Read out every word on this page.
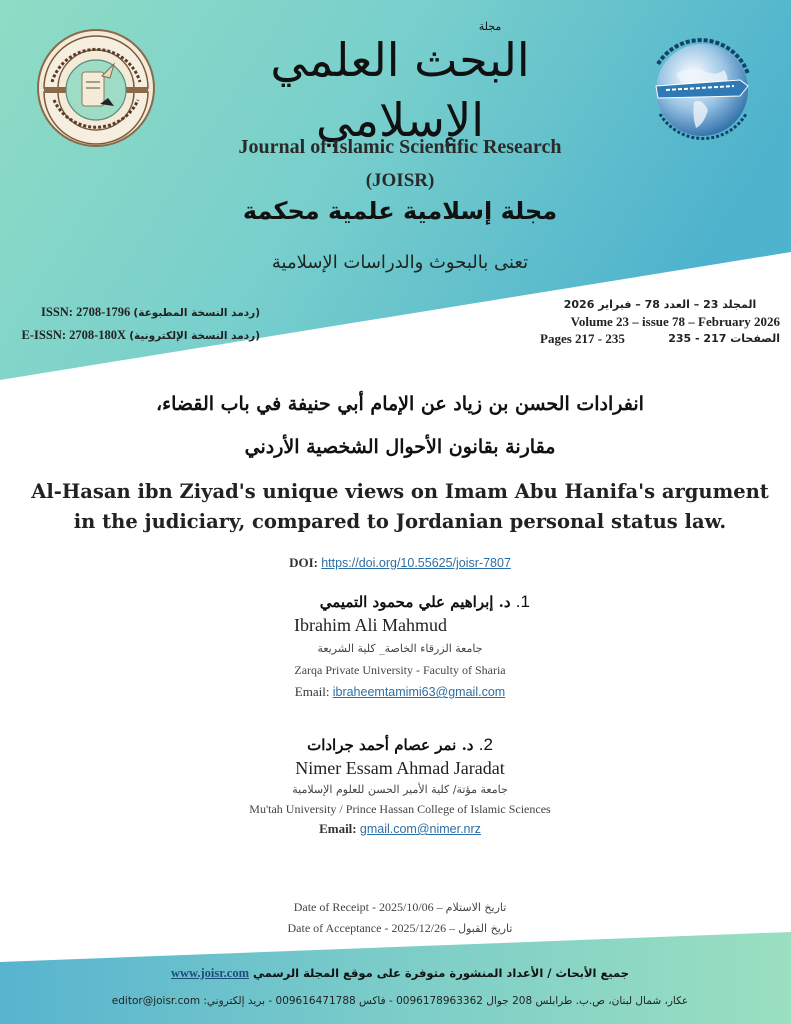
مجلة
البحث العلمي الإسلامي
Journal of Islamic Scientific Research
(JOISR)
مجلة إسلامية علمية محكمة
تعنى بالبحوث والدراسات الإسلامية
ISSN: 2708-1796 (ردمد النسخة المطبوعة)
E-ISSN: 2708-180X (ردمد النسخة الإلكترونية)
المجلد 23 – العدد 78 – فبراير 2026
Volume 23 – issue 78 – February 2026
Pages 217 - 235	الصفحات 217 - 235
انفرادات الحسن بن زياد عن الإمام أبي حنيفة في باب القضاء،
مقارنة بقانون الأحوال الشخصية الأردني
Al-Hasan ibn Ziyad's unique views on Imam Abu Hanifa's argument in the judiciary, compared to Jordanian personal status law.
DOI: https://doi.org/10.55625/joisr-7807
1. د. إبراهيم علي محمود التميمي
Ibrahim Ali Mahmud
جامعة الزرقاء الخاصة_ كلية الشريعة
Zarqa Private University - Faculty of Sharia
Email: ibraheemtamimi63@gmail.com
2. د. نمر عصام أحمد جرادات
Nimer Essam Ahmad Jaradat
جامعة مؤتة/ كلية الأمير الحسن للعلوم الإسلامية
Mu'tah University / Prince Hassan College of Islamic Sciences
Email: gmail.com@nimer.nrz
Date of Receipt - 2025/10/06 – تاريخ الاستلام
Date of Acceptance - 2025/12/26 – تاريخ القبول
جميع الأبحاث / الأعداد المنشورة متوفرة على موقع المجلة الرسمي www.joisr.com
عكار، شمال لبنان، ص.ب. طرابلس 208 جوال 0096178963362 - فاكس 009616471788 - بريد إلكتروني: editor@joisr.com
